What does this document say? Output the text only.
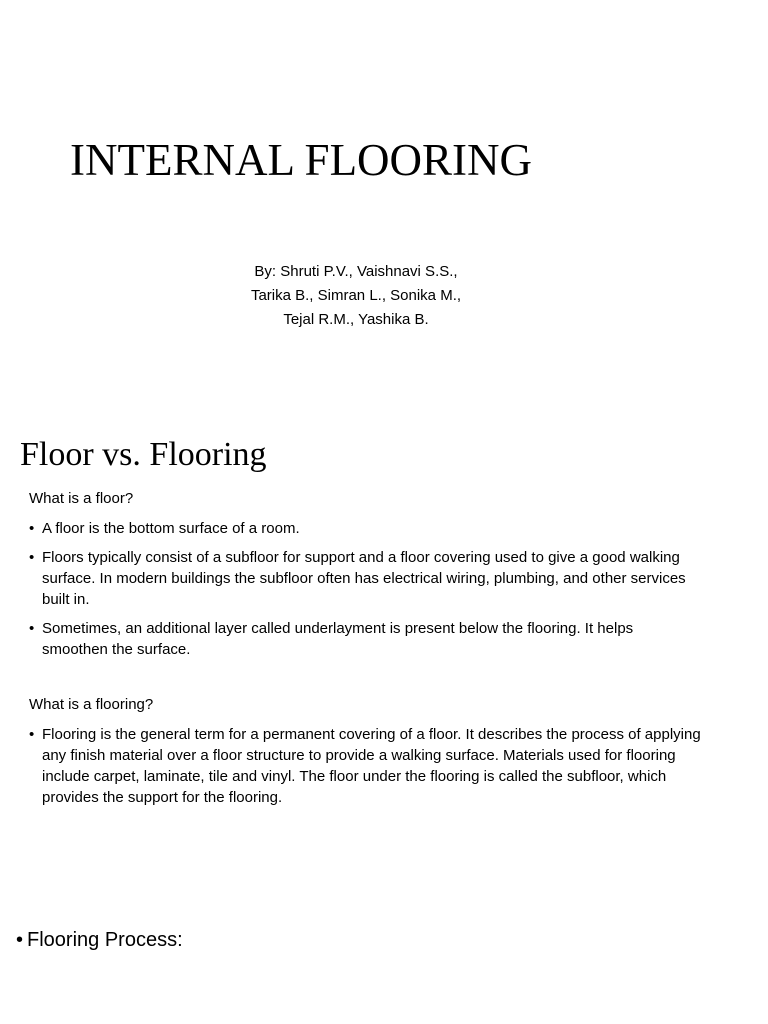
INTERNAL FLOORING
By: Shruti P.V., Vaishnavi S.S.,
Tarika B., Simran L., Sonika M.,
Tejal R.M., Yashika B.
Floor vs. Flooring
What is a floor?
• A floor is the bottom surface of a room.
• Floors typically consist of a subfloor for support and a floor covering used to give a good walking surface. In modern buildings the subfloor often has electrical wiring, plumbing, and other services built in.
• Sometimes, an additional layer called underlayment is present below the flooring. It helps smoothen the surface.
What is a flooring?
• Flooring is the general term for a permanent covering of a floor. It describes the process of applying any finish material over a floor structure to provide a walking surface. Materials used for flooring include carpet, laminate, tile and vinyl. The floor under the flooring is called the subfloor, which provides the support for the flooring.
• Flooring Process:
